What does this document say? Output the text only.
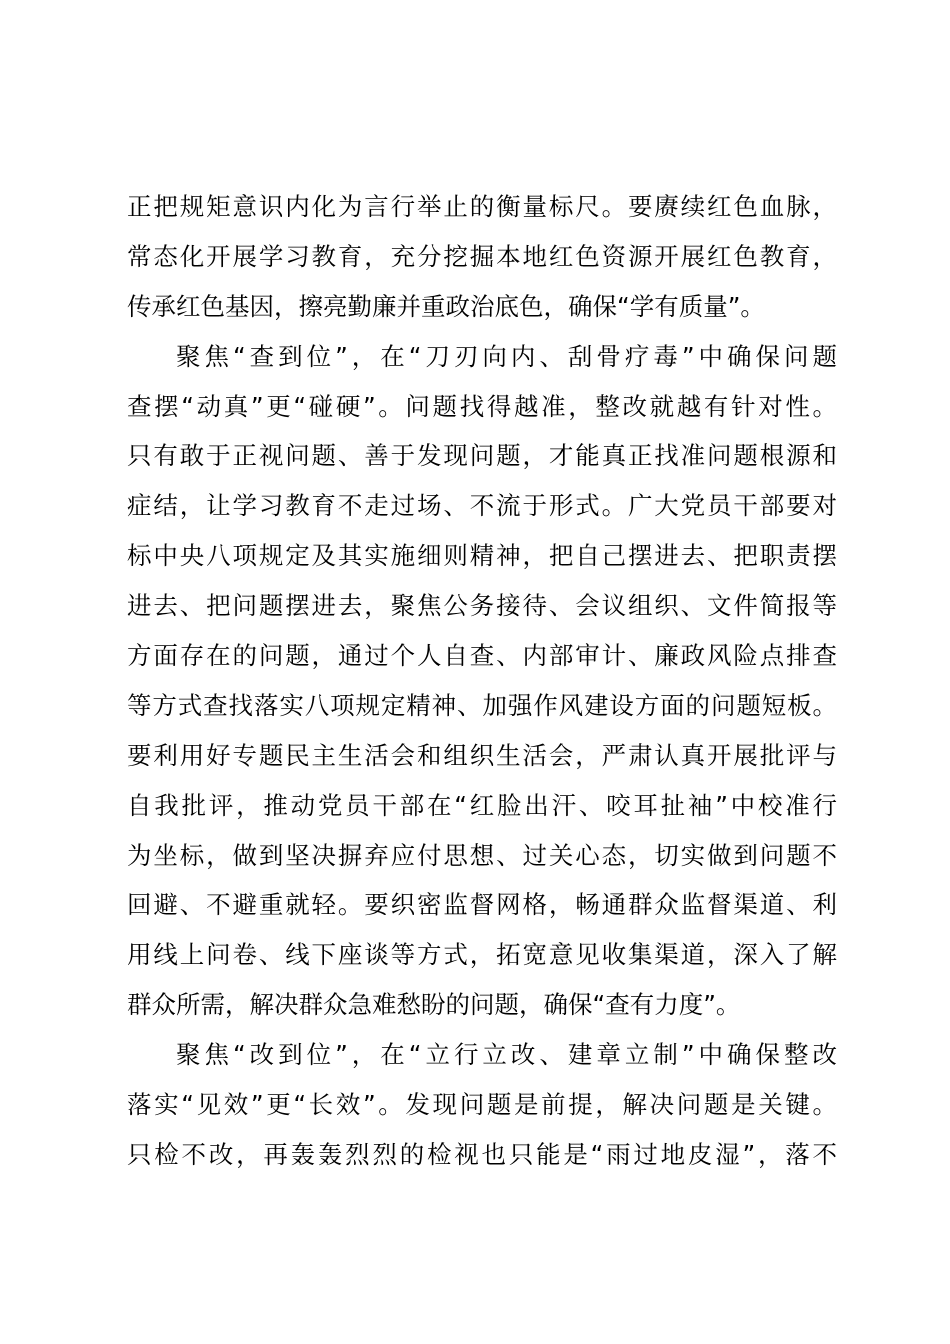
正把规矩意识内化为言行举止的衡量标尺。要赓续红色血脉，
常态化开展学习教育，充分挖掘本地红色资源开展红色教育，
传承红色基因，擦亮勤廉并重政治底色，确保“学有质量”。
聚焦“查到位”，在“刀刃向内、刮骨疗毒”中确保问题
查摆“动真”更“碰硬”。问题找得越准，整改就越有针对性。
只有敢于正视问题、善于发现问题，才能真正找准问题根源和
症结，让学习教育不走过场、不流于形式。广大党员干部要对
标中央八项规定及其实施细则精神，把自己摆进去、把职责摆
进去、把问题摆进去，聚焦公务接待、会议组织、文件简报等
方面存在的问题，通过个人自查、内部审计、廉政风险点排查
等方式查找落实八项规定精神、加强作风建设方面的问题短板。
要利用好专题民主生活会和组织生活会，严肃认真开展批评与
自我批评，推动党员干部在“红脸出汗、咬耳扯袖”中校准行
为坐标，做到坚决摒弃应付思想、过关心态，切实做到问题不
回避、不避重就轻。要织密监督网格，畅通群众监督渠道、利
用线上问卷、线下座谈等方式，拓宽意见收集渠道，深入了解
群众所需，解决群众急难愁盼的问题，确保“查有力度”。
聚焦“改到位”，在“立行立改、建章立制”中确保整改
落实“见效”更“长效”。发现问题是前提，解决问题是关键。
只检不改，再轰轰烈烈的检视也只能是“雨过地皮湿”，落不
